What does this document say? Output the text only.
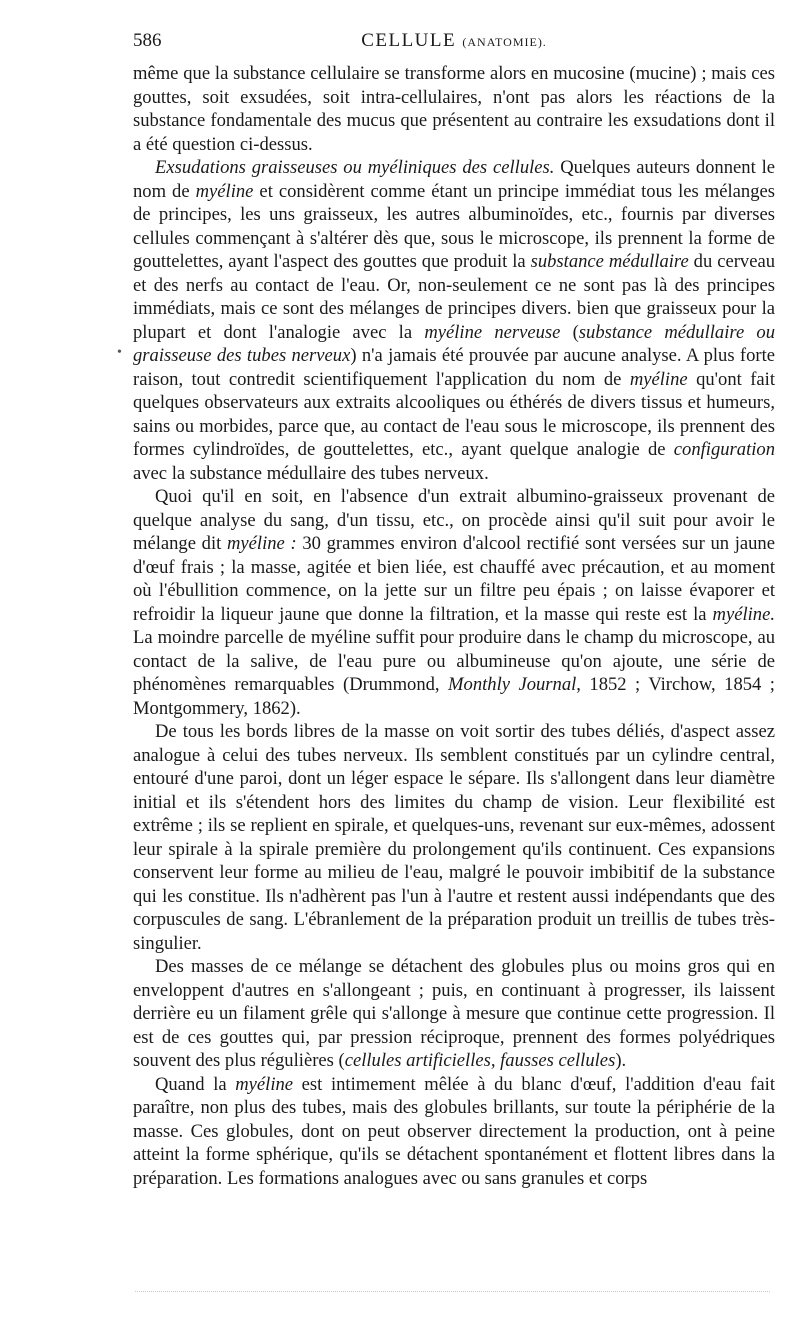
586	CELLULE (ANATOMIE).

même que la substance cellulaire se transforme alors en mucosine (mucine) ; mais ces gouttes, soit exsudées, soit intra-cellulaires, n'ont pas alors les réactions de la substance fondamentale des mucus que présentent au contraire les exsudations dont il a été question ci-dessus.

Exsudations graisseuses ou myéliniques des cellules. Quelques auteurs donnent le nom de myéline et considèrent comme étant un principe immédiat tous les mélanges de principes, les uns graisseux, les autres albuminoïdes, etc., fournis par diverses cellules commençant à s'altérer dès que, sous le microscope, ils prennent la forme de gouttelettes, ayant l'aspect des gouttes que produit la substance médullaire du cerveau et des nerfs au contact de l'eau. Or, non-seulement ce ne sont pas là des principes immédiats, mais ce sont des mélanges de principes divers. bien que graisseux pour la plupart et dont l'analogie avec la myéline nerveuse (substance médullaire ou graisseuse des tubes nerveux) n'a jamais été prouvée par aucune analyse. A plus forte raison, tout contredit scientifiquement l'application du nom de myéline qu'ont fait quelques observateurs aux extraits alcooliques ou éthérés de divers tissus et humeurs, sains ou morbides, parce que, au contact de l'eau sous le microscope, ils prennent des formes cylindroïdes, de gouttelettes, etc., ayant quelque analogie de configuration avec la substance médullaire des tubes nerveux.

Quoi qu'il en soit, en l'absence d'un extrait albumino-graisseux provenant de quelque analyse du sang, d'un tissu, etc., on procède ainsi qu'il suit pour avoir le mélange dit myéline : 30 grammes environ d'alcool rectifié sont versées sur un jaune d'œuf frais ; la masse, agitée et bien liée, est chauffé avec précaution, et au moment où l'ébullition commence, on la jette sur un filtre peu épais ; on laisse évaporer et refroidir la liqueur jaune que donne la filtration, et la masse qui reste est la myéline. La moindre parcelle de myéline suffit pour produire dans le champ du microscope, au contact de la salive, de l'eau pure ou albumineuse qu'on ajoute, une série de phénomènes remarquables (Drummond, Monthly Journal, 1852 ; Virchow, 1854 ; Montgommery, 1862).

De tous les bords libres de la masse on voit sortir des tubes déliés, d'aspect assez analogue à celui des tubes nerveux. Ils semblent constitués par un cylindre central, entouré d'une paroi, dont un léger espace le sépare. Ils s'allongent dans leur diamètre initial et ils s'étendent hors des limites du champ de vision. Leur flexibilité est extrême ; ils se replient en spirale, et quelques-uns, revenant sur eux-mêmes, adossent leur spirale à la spirale première du prolongement qu'ils continuent. Ces expansions conservent leur forme au milieu de l'eau, malgré le pouvoir imbibitif de la substance qui les constitue. Ils n'adhèrent pas l'un à l'autre et restent aussi indépendants que des corpuscules de sang. L'ébranlement de la préparation produit un treillis de tubes très-singulier.

Des masses de ce mélange se détachent des globules plus ou moins gros qui en enveloppent d'autres en s'allongeant ; puis, en continuant à progresser, ils laissent derrière eu un filament grêle qui s'allonge à mesure que continue cette progression. Il est de ces gouttes qui, par pression réciproque, prennent des formes polyédriques souvent des plus régulières (cellules artificielles, fausses cellules).

Quand la myéline est intimement mêlée à du blanc d'œuf, l'addition d'eau fait paraître, non plus des tubes, mais des globules brillants, sur toute la périphérie de la masse. Ces globules, dont on peut observer directement la production, ont à peine atteint la forme sphérique, qu'ils se détachent spontanément et flottent libres dans la préparation. Les formations analogues avec ou sans granules et corps

•
